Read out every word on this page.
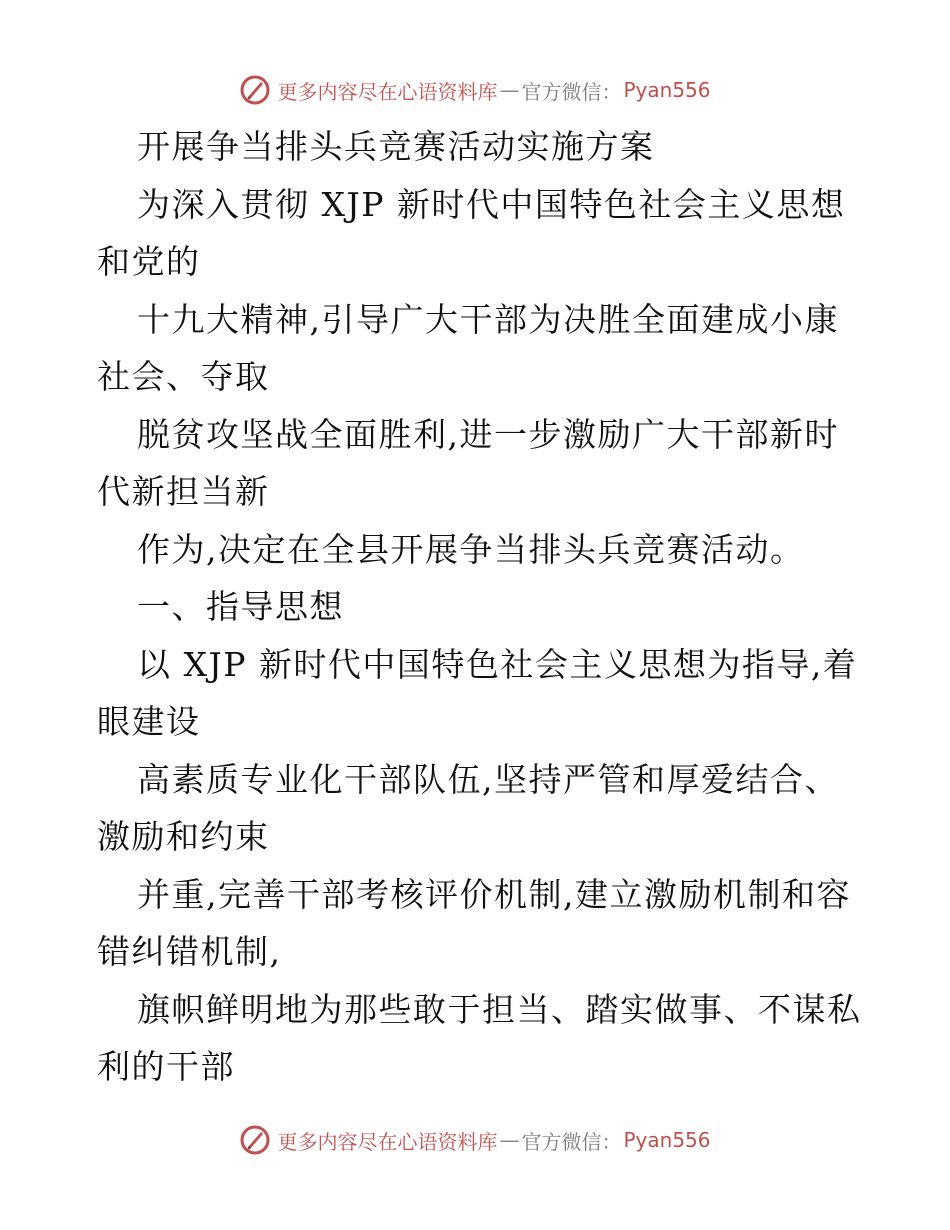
更多内容尽在心语资料库 — 官方微信： Pyan556
开展争当排头兵竞赛活动实施方案
为深入贯彻 XJP 新时代中国特色社会主义思想
和党的
十九大精神,引导广大干部为决胜全面建成小康
社会、夺取
脱贫攻坚战全面胜利,进一步激励广大干部新时
代新担当新
作为,决定在全县开展争当排头兵竞赛活动。
一、指导思想
以 XJP 新时代中国特色社会主义思想为指导,着
眼建设
高素质专业化干部队伍,坚持严管和厚爱结合、
激励和约束
并重,完善干部考核评价机制,建立激励机制和容
错纠错机制,
旗帜鲜明地为那些敢于担当、踏实做事、不谋私
利的干部
更多内容尽在心语资料库 — 官方微信： Pyan556
